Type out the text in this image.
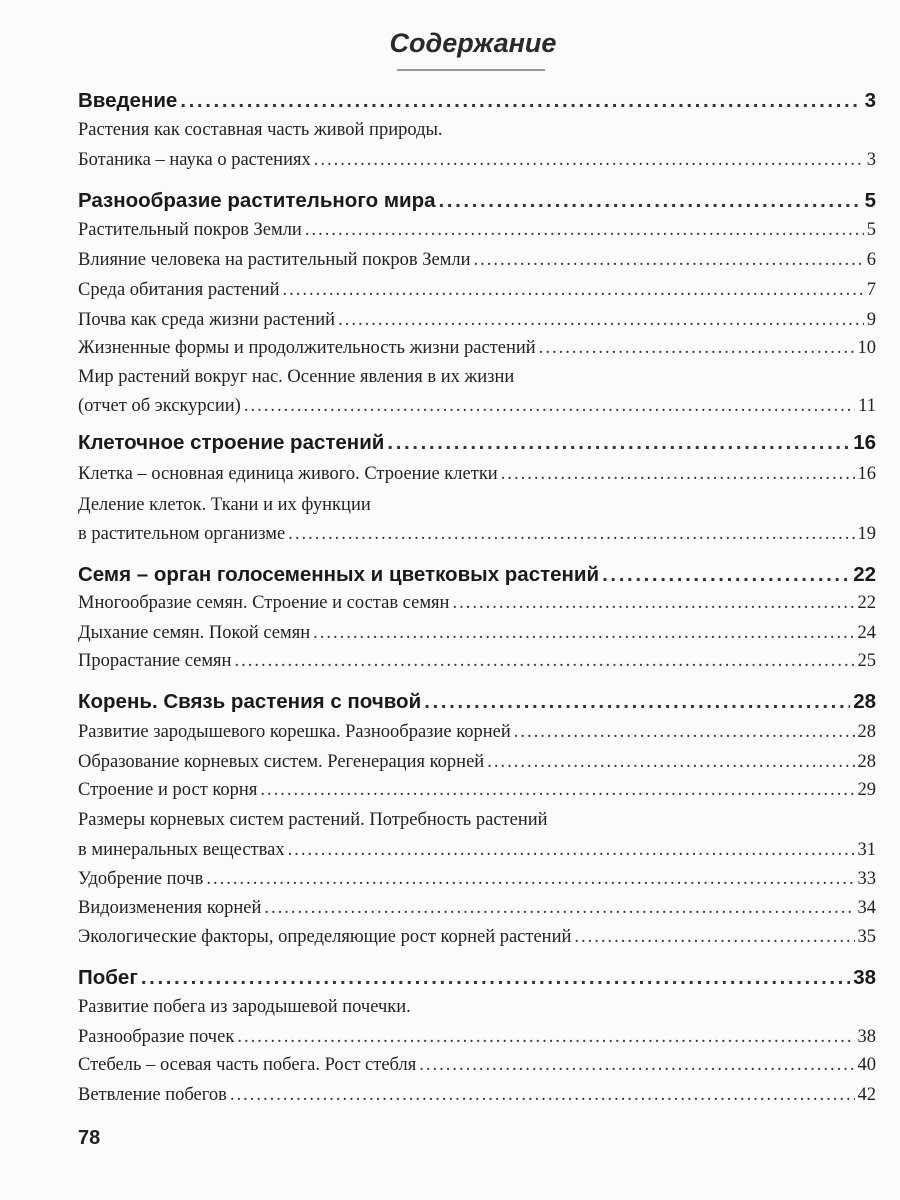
Содержание
Введение .....	3
Растения как составная часть живой природы.
Ботаника – наука о растениях .....	3
Разнообразие растительного мира .....	5
Растительный покров Земли .....	5
Влияние человека на растительный покров Земли .....	6
Среда обитания растений .....	7
Почва как среда жизни растений .....	9
Жизненные формы и продолжительность жизни растений .....	10
Мир растений вокруг нас. Осенние явления в их жизни
(отчет об экскурсии) .....	11
Клеточное строение растений .....	16
Клетка – основная единица живого. Строение клетки .....	16
Деление клеток. Ткани и их функции
в растительном организме .....	19
Семя – орган голосеменных и цветковых растений .....	22
Многообразие семян. Строение и состав семян .....	22
Дыхание семян. Покой семян .....	24
Прорастание семян .....	25
Корень. Связь растения с почвой .....	28
Развитие зародышевого корешка. Разнообразие корней .....	28
Образование корневых систем. Регенерация корней .....	28
Строение и рост корня .....	29
Размеры корневых систем растений. Потребность растений
в минеральных веществах .....	31
Удобрение почв .....	33
Видоизменения корней .....	34
Экологические факторы, определяющие рост корней растений .....	35
Побег .....	38
Развитие побега из зародышевой почечки.
Разнообразие почек .....	38
Стебель – осевая часть побега. Рост стебля .....	40
Ветвление побегов .....	42
78
